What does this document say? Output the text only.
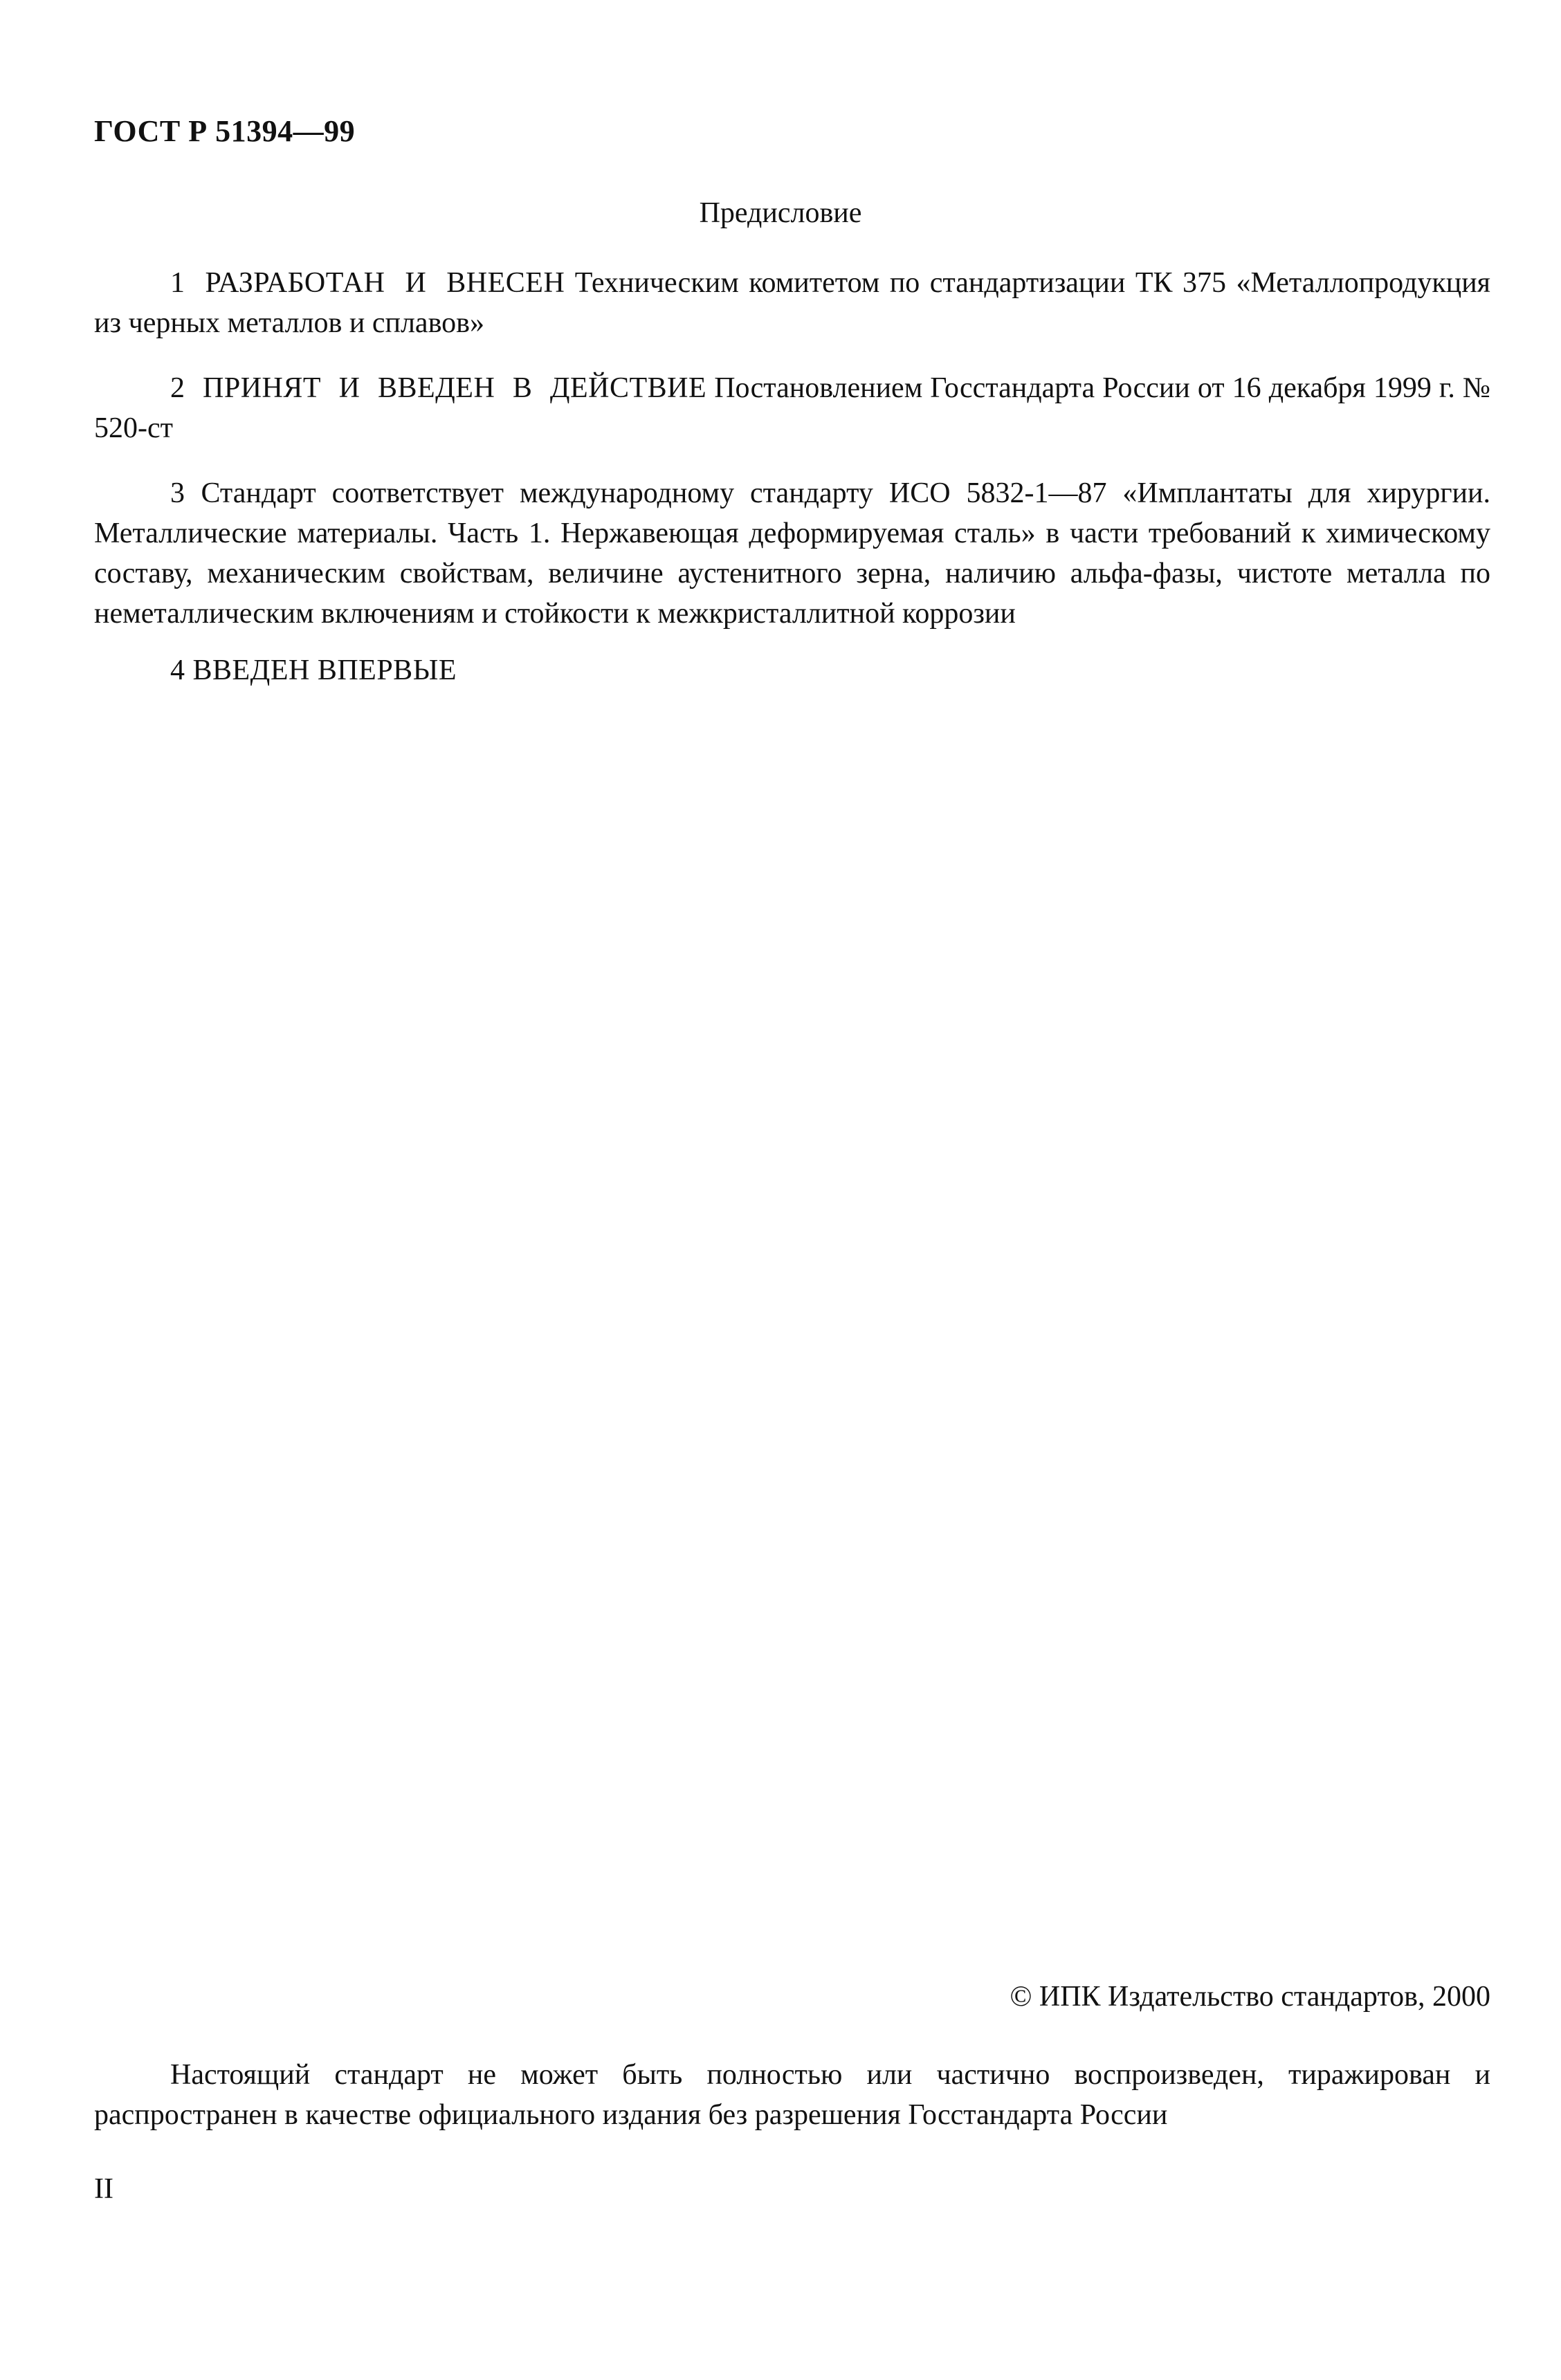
ГОСТ Р 51394—99
Предисловие
1 РАЗРАБОТАН И ВНЕСЕН Техническим комитетом по стандартизации ТК 375 «Металлопродукция из черных металлов и сплавов»
2 ПРИНЯТ И ВВЕДЕН В ДЕЙСТВИЕ Постановлением Госстандарта России от 16 декабря 1999 г. № 520-ст
3 Стандарт соответствует международному стандарту ИСО 5832-1—87 «Имплантаты для хирургии. Металлические материалы. Часть 1. Нержавеющая деформируемая сталь» в части требований к химическому составу, механическим свойствам, величине аустенитного зерна, наличию альфа-фазы, чистоте металла по неметаллическим включениям и стойкости к межкристаллитной коррозии
4 ВВЕДЕН ВПЕРВЫЕ
© ИПК Издательство стандартов, 2000
Настоящий стандарт не может быть полностью или частично воспроизведен, тиражирован и распространен в качестве официального издания без разрешения Госстандарта России
II
